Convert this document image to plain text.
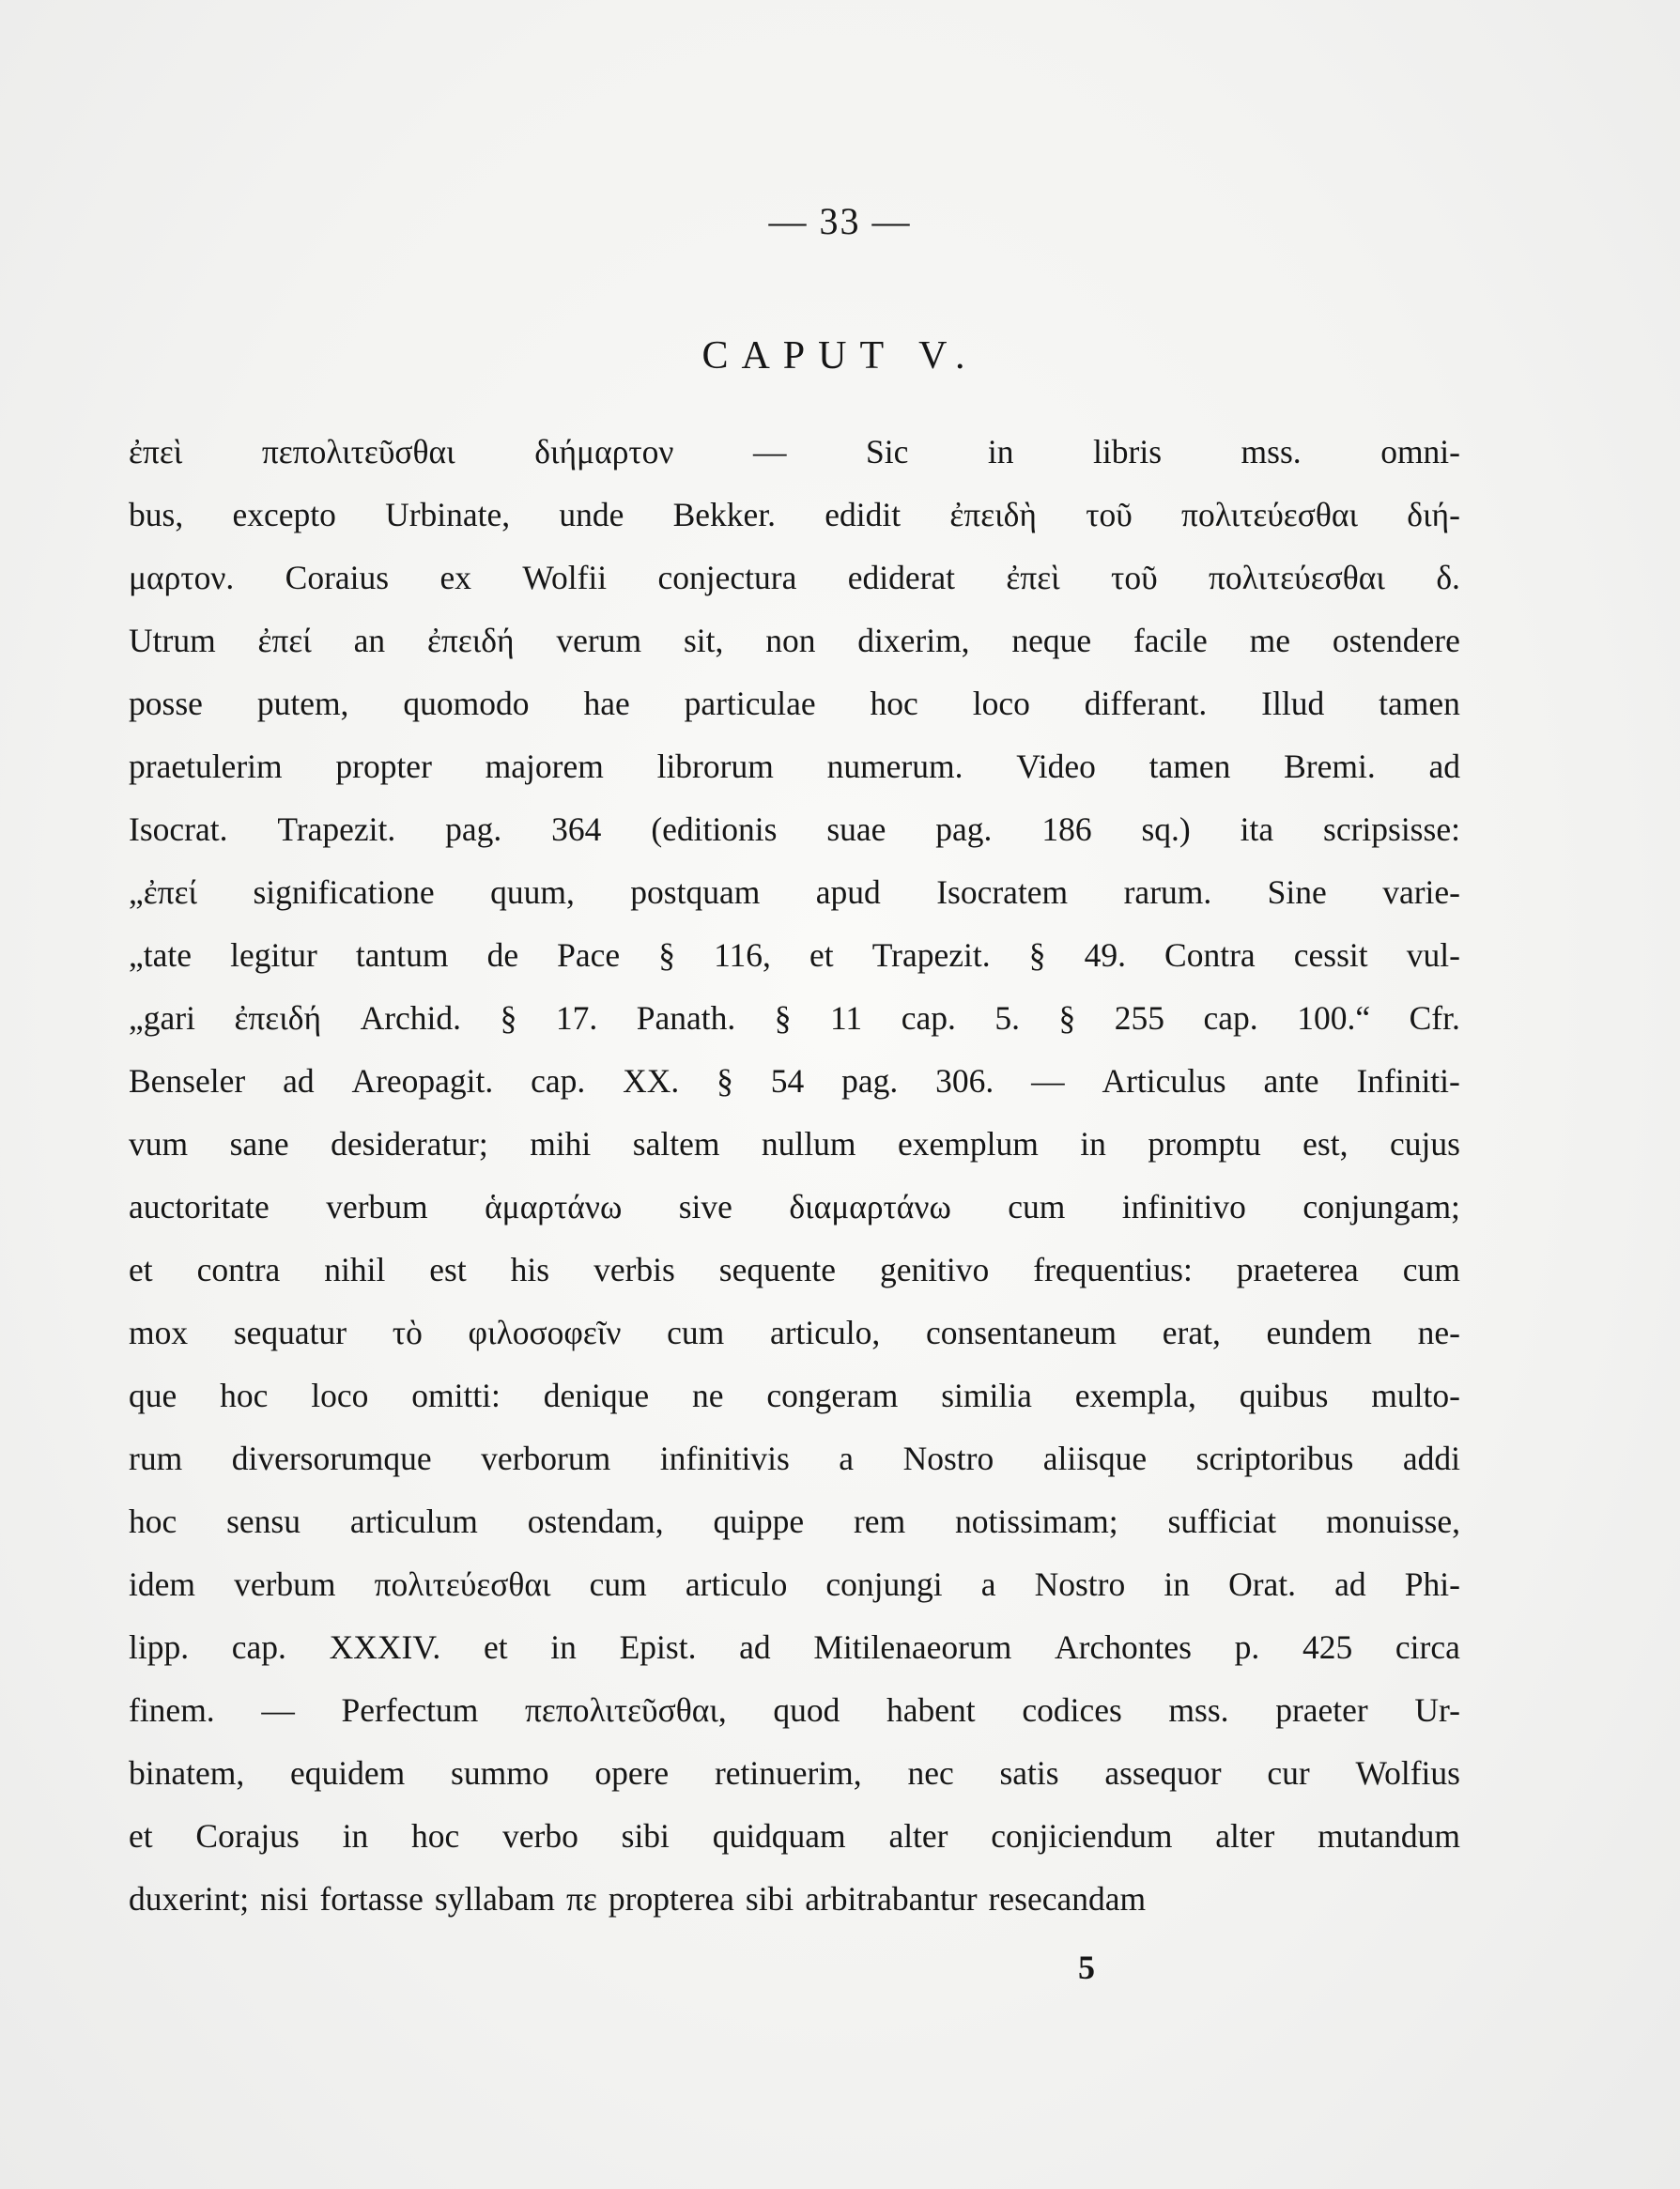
— 33 —
CAPUT V.
ἐπεὶ πεπολιτεῦσθαι διήμαρτον — Sic in libris mss. omni-
bus, excepto Urbinate, unde Bekker. edidit ἐπειδὴ τοῦ πολιτεύεσθαι διή-
μαρτον. Coraius ex Wolfii conjectura ediderat ἐπεὶ τοῦ πολιτεύεσθαι δ.
Utrum ἐπεί an ἐπειδή verum sit, non dixerim, neque facile me ostendere
posse putem, quomodo hae particulae hoc loco differant. Illud tamen
praetulerim propter majorem librorum numerum. Video tamen Bremi. ad
Isocrat. Trapezit. pag. 364 (editionis suae pag. 186 sq.) ita scripsisse:
„ἐπεί significatione quum, postquam apud Isocratem rarum. Sine varie-
„tate legitur tantum de Pace § 116, et Trapezit. § 49. Contra cessit vul-
„gari ἐπειδή Archid. § 17. Panath. § 11 cap. 5. § 255 cap. 100.“ Cfr.
Benseler ad Areopagit. cap. XX. § 54 pag. 306. — Articulus ante Infiniti-
vum sane desideratur; mihi saltem nullum exemplum in promptu est, cujus
auctoritate verbum ἁμαρτάνω sive διαμαρτάνω cum infinitivo conjungam;
et contra nihil est his verbis sequente genitivo frequentius: praeterea cum
mox sequatur τὸ φιλοσοφεῖν cum articulo, consentaneum erat, eundem ne-
que hoc loco omitti: denique ne congeram similia exempla, quibus multo-
rum diversorumque verborum infinitivis a Nostro aliisque scriptoribus addi
hoc sensu articulum ostendam, quippe rem notissimam; sufficiat monuisse,
idem verbum πολιτεύεσθαι cum articulo conjungi a Nostro in Orat. ad Phi-
lipp. cap. XXXIV. et in Epist. ad Mitilenaeorum Archontes p. 425 circa
finem. — Perfectum πεπολιτεῦσθαι, quod habent codices mss. praeter Ur-
binatem, equidem summo opere retinuerim, nec satis assequor cur Wolfius
et Corajus in hoc verbo sibi quidquam alter conjiciendum alter mutandum
duxerint; nisi fortasse syllabam πε propterea sibi arbitrabantur resecandam
5
